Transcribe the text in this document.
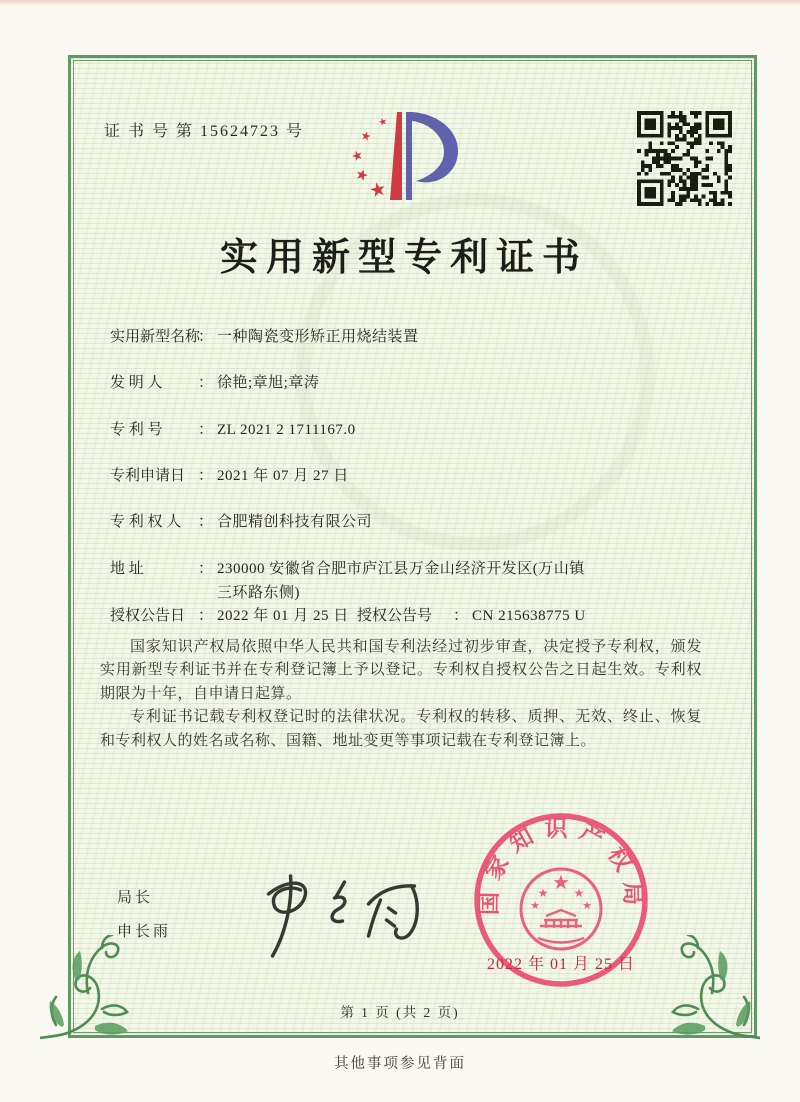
证 书 号 第 15624723 号
★
★
★
★
★
实用新型专利证书
实用新型名称 ： 一种陶瓷变形矫正用烧结装置
发 明 人 ：	徐艳;章旭;章涛
专 利 号 ：	ZL 2021 2 1711167.0
专利申请日 ： 2021 年 07 月 27 日
专 利 权 人 ： 合肥精创科技有限公司
地 址 ：	230000 安徽省合肥市庐江县万金山经济开发区(万山镇三环路东侧)
授权公告日 ： 2022 年 01 月 25 日 授权公告号 ：	CN 215638775 U

国家知识产权局依照中华人民共和国专利法经过初步审查，决定授予专利权，颁发实用新型专利证书并在专利登记簿上予以登记。专利权自授权公告之日起生效。专利权期限为十年，自申请日起算。

专利证书记载专利权登记时的法律状况。专利权的转移、质押、无效、终止、恢复和专利权人的姓名或名称、国籍、地址变更等事项记载在专利登记簿上。

局长
申长雨
国家知识产权局
★
★ ★
★	★
2022 年 01 月 25 日
第 1 页 (共 2 页)
其他事项参见背面
